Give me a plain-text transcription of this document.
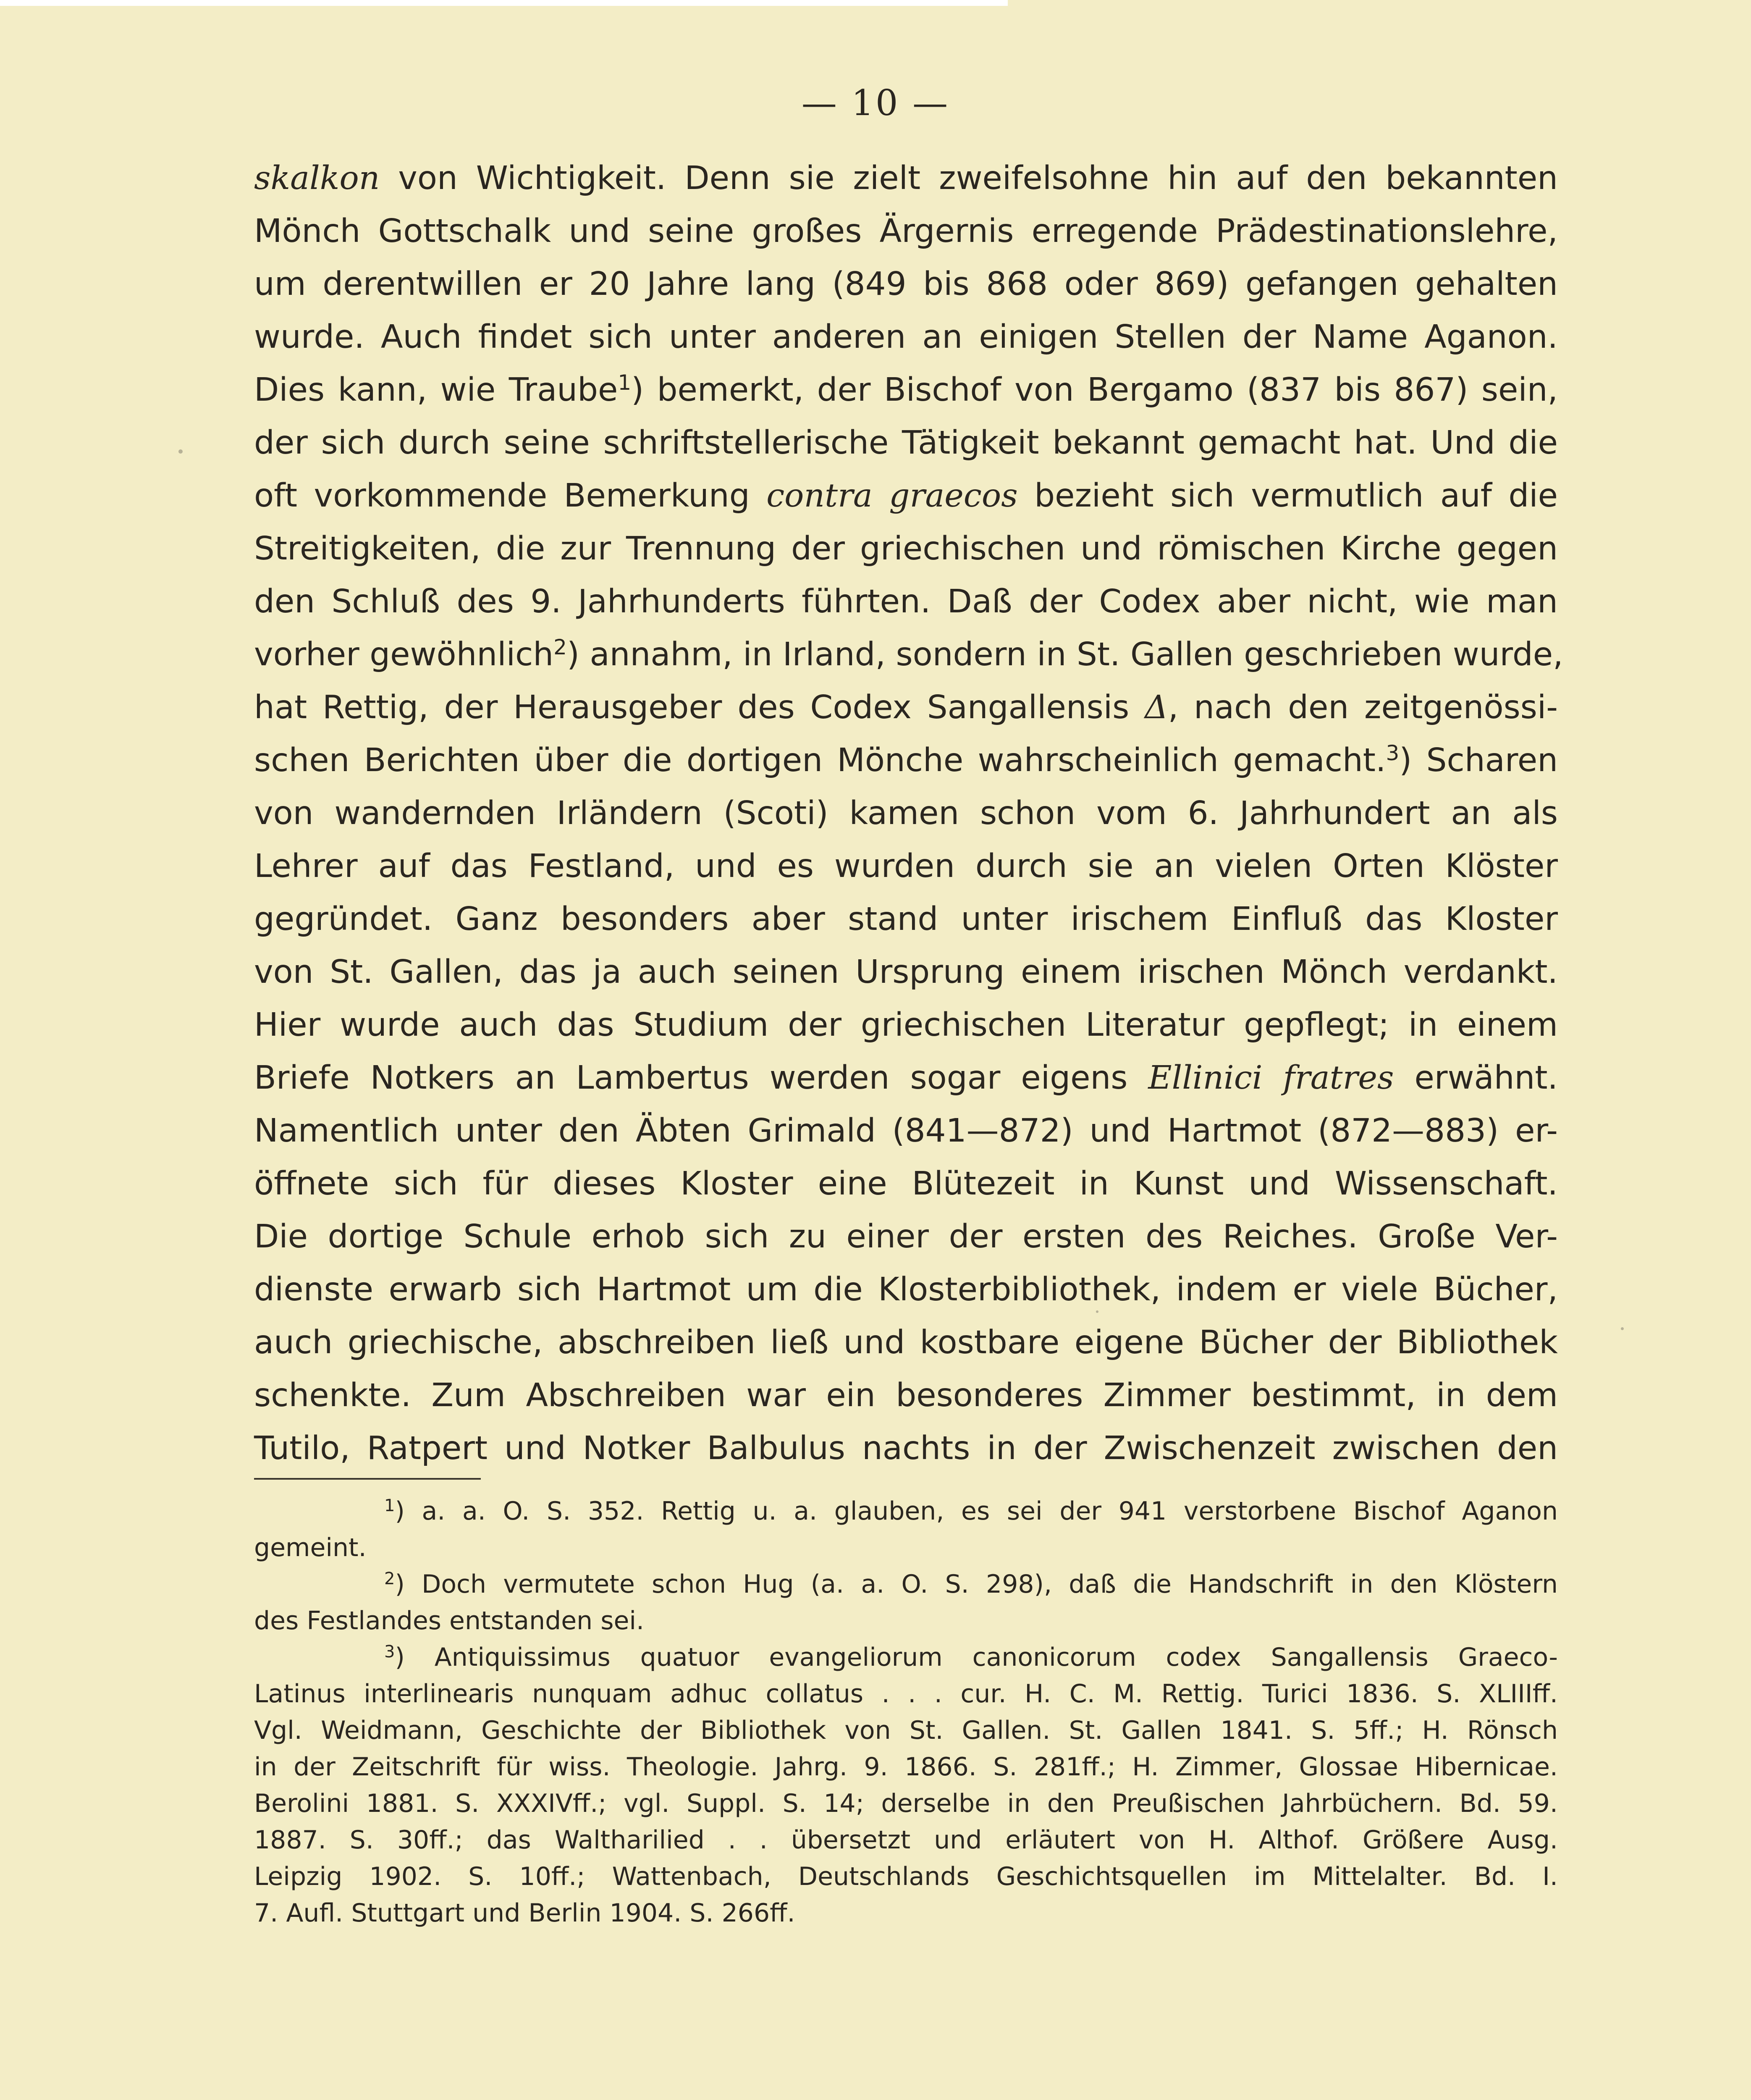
— 10 —
skalkon von Wichtigkeit. Denn sie zielt zweifelsohne hin auf den bekannten
Mönch Gottschalk und seine großes Ärgernis erregende Prädestinationslehre,
um derentwillen er 20 Jahre lang (849 bis 868 oder 869) gefangen gehalten
wurde. Auch findet sich unter anderen an einigen Stellen der Name Aganon.
Dies kann, wie Traube$^1$) bemerkt, der Bischof von Bergamo (837 bis 867) sein,
der sich durch seine schriftstellerische Tätigkeit bekannt gemacht hat. Und die
oft vorkommende Bemerkung contra graecos bezieht sich vermutlich auf die
Streitigkeiten, die zur Trennung der griechischen und römischen Kirche gegen
den Schluß des 9. Jahrhunderts führten. Daß der Codex aber nicht, wie man
vorher gewöhnlich$^2$) annahm, in Irland, sondern in St. Gallen geschrieben wurde,
hat Rettig, der Herausgeber des Codex Sangallensis Δ, nach den zeitgenössi-
schen Berichten über die dortigen Mönche wahrscheinlich gemacht.$^3$) Scharen
von wandernden Irländern (Scoti) kamen schon vom 6. Jahrhundert an als
Lehrer auf das Festland, und es wurden durch sie an vielen Orten Klöster
gegründet. Ganz besonders aber stand unter irischem Einfluß das Kloster
von St. Gallen, das ja auch seinen Ursprung einem irischen Mönch verdankt.
Hier wurde auch das Studium der griechischen Literatur gepflegt; in einem
Briefe Notkers an Lambertus werden sogar eigens Ellinici fratres erwähnt.
Namentlich unter den Äbten Grimald (841—872) und Hartmot (872—883) er-
öffnete sich für dieses Kloster eine Blütezeit in Kunst und Wissenschaft.
Die dortige Schule erhob sich zu einer der ersten des Reiches. Große Ver-
dienste erwarb sich Hartmot um die Klosterbibliothek, indem er viele Bücher,
auch griechische, abschreiben ließ und kostbare eigene Bücher der Bibliothek
schenkte. Zum Abschreiben war ein besonderes Zimmer bestimmt, in dem
Tutilo, Ratpert und Notker Balbulus nachts in der Zwischenzeit zwischen den
$^1$) a. a. O. S. 352. Rettig u. a. glauben, es sei der 941 verstorbene Bischof Aganon
gemeint.
$^2$) Doch vermutete schon Hug (a. a. O. S. 298), daß die Handschrift in den Klöstern
des Festlandes entstanden sei.
$^3$) Antiquissimus quatuor evangeliorum canonicorum codex Sangallensis Graeco-
Latinus interlinearis nunquam adhuc collatus . . . cur. H. C. M. Rettig. Turici 1836. S. XLIIIff.
Vgl. Weidmann, Geschichte der Bibliothek von St. Gallen. St. Gallen 1841. S. 5ff.; H. Rönsch
in der Zeitschrift für wiss. Theologie. Jahrg. 9. 1866. S. 281ff.; H. Zimmer, Glossae Hibernicae.
Berolini 1881. S. XXXIVff.; vgl. Suppl. S. 14; derselbe in den Preußischen Jahrbüchern. Bd. 59.
1887. S. 30ff.; das Waltharilied . . übersetzt und erläutert von H. Althof. Größere Ausg.
Leipzig 1902. S. 10ff.; Wattenbach, Deutschlands Geschichtsquellen im Mittelalter. Bd. I.
7. Aufl. Stuttgart und Berlin 1904. S. 266ff.
